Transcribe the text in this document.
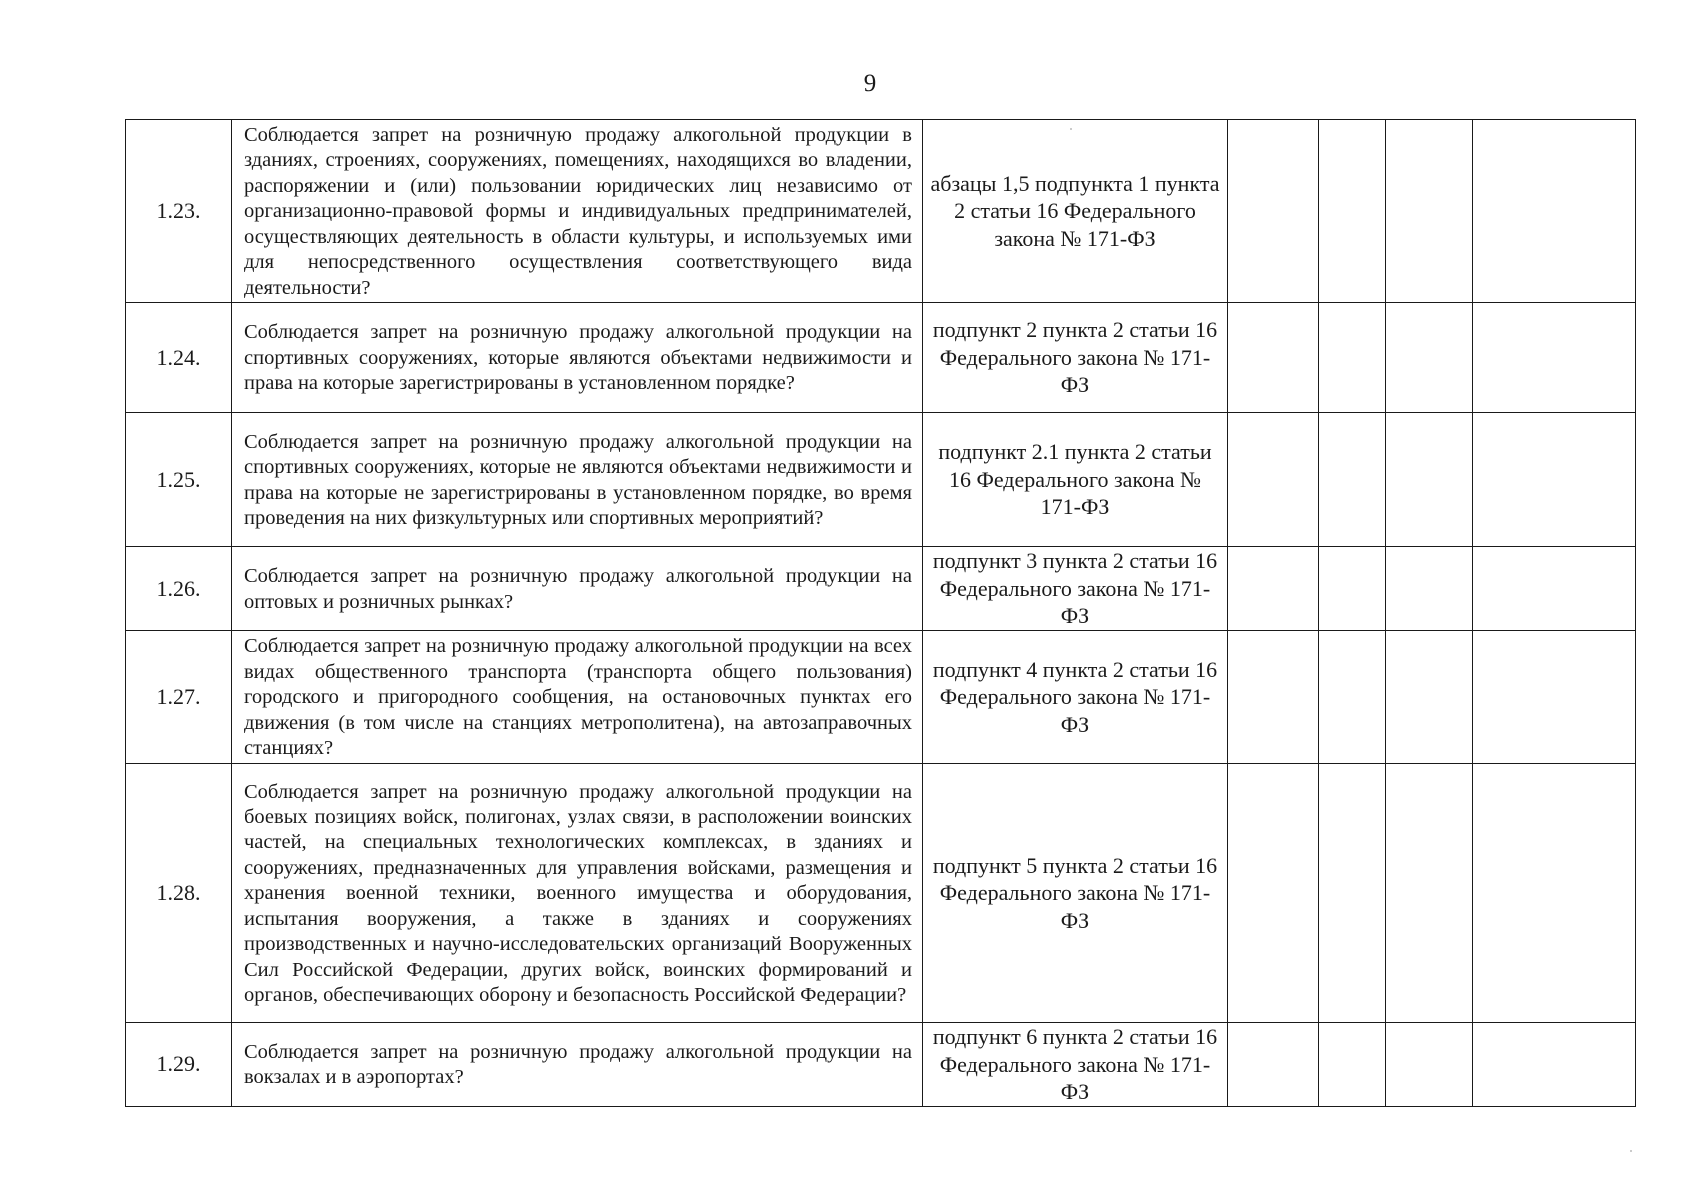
9
1.23.	Соблюдается запрет на розничную продажу алкогольной продукции в зданиях, строениях, сооружениях, помещениях, находящихся во владении, распоряжении и (или) пользовании юридических лиц независимо от организационно-правовой формы и индивидуальных предпринимателей, осуществляющих деятельность в области культуры, и используемых ими для непосредственного осуществления соответствующего вида деятельности?	абзацы 1,5 подпункта 1 пункта 2 статьи 16 Федерального закона № 171-ФЗ				
1.24.	Соблюдается запрет на розничную продажу алкогольной продукции на спортивных сооружениях, которые являются объектами недвижимости и права на которые зарегистрированы в установленном порядке?	подпункт 2 пункта 2 статьи 16 Федерального закона № 171-ФЗ				
1.25.	Соблюдается запрет на розничную продажу алкогольной продукции на спортивных сооружениях, которые не являются объектами недвижимости и права на которые не зарегистрированы в установленном порядке, во время проведения на них физкультурных или спортивных мероприятий?	подпункт 2.1 пункта 2 статьи 16 Федерального закона № 171-ФЗ				
1.26.	Соблюдается запрет на розничную продажу алкогольной продукции на оптовых и розничных рынках?	подпункт 3 пункта 2 статьи 16 Федерального закона № 171-ФЗ				
1.27.	Соблюдается запрет на розничную продажу алкогольной продукции на всех видах общественного транспорта (транспорта общего пользования) городского и пригородного сообщения, на остановочных пунктах его движения (в том числе на станциях метрополитена), на автозаправочных станциях?	подпункт 4 пункта 2 статьи 16 Федерального закона № 171-ФЗ				
1.28.	Соблюдается запрет на розничную продажу алкогольной продукции на боевых позициях войск, полигонах, узлах связи, в расположении воинских частей, на специальных технологических комплексах, в зданиях и сооружениях, предназначенных для управления войсками, размещения и хранения военной техники, военного имущества и оборудования, испытания вооружения, а также в зданиях и сооружениях производственных и научно-исследовательских организаций Вооруженных Сил Российской Федерации, других войск, воинских формирований и органов, обеспечивающих оборону и безопасность Российской Федерации?	подпункт 5 пункта 2 статьи 16 Федерального закона № 171-ФЗ				
1.29.	Соблюдается запрет на розничную продажу алкогольной продукции на вокзалах и в аэропортах?	подпункт 6 пункта 2 статьи 16 Федерального закона № 171-ФЗ				
